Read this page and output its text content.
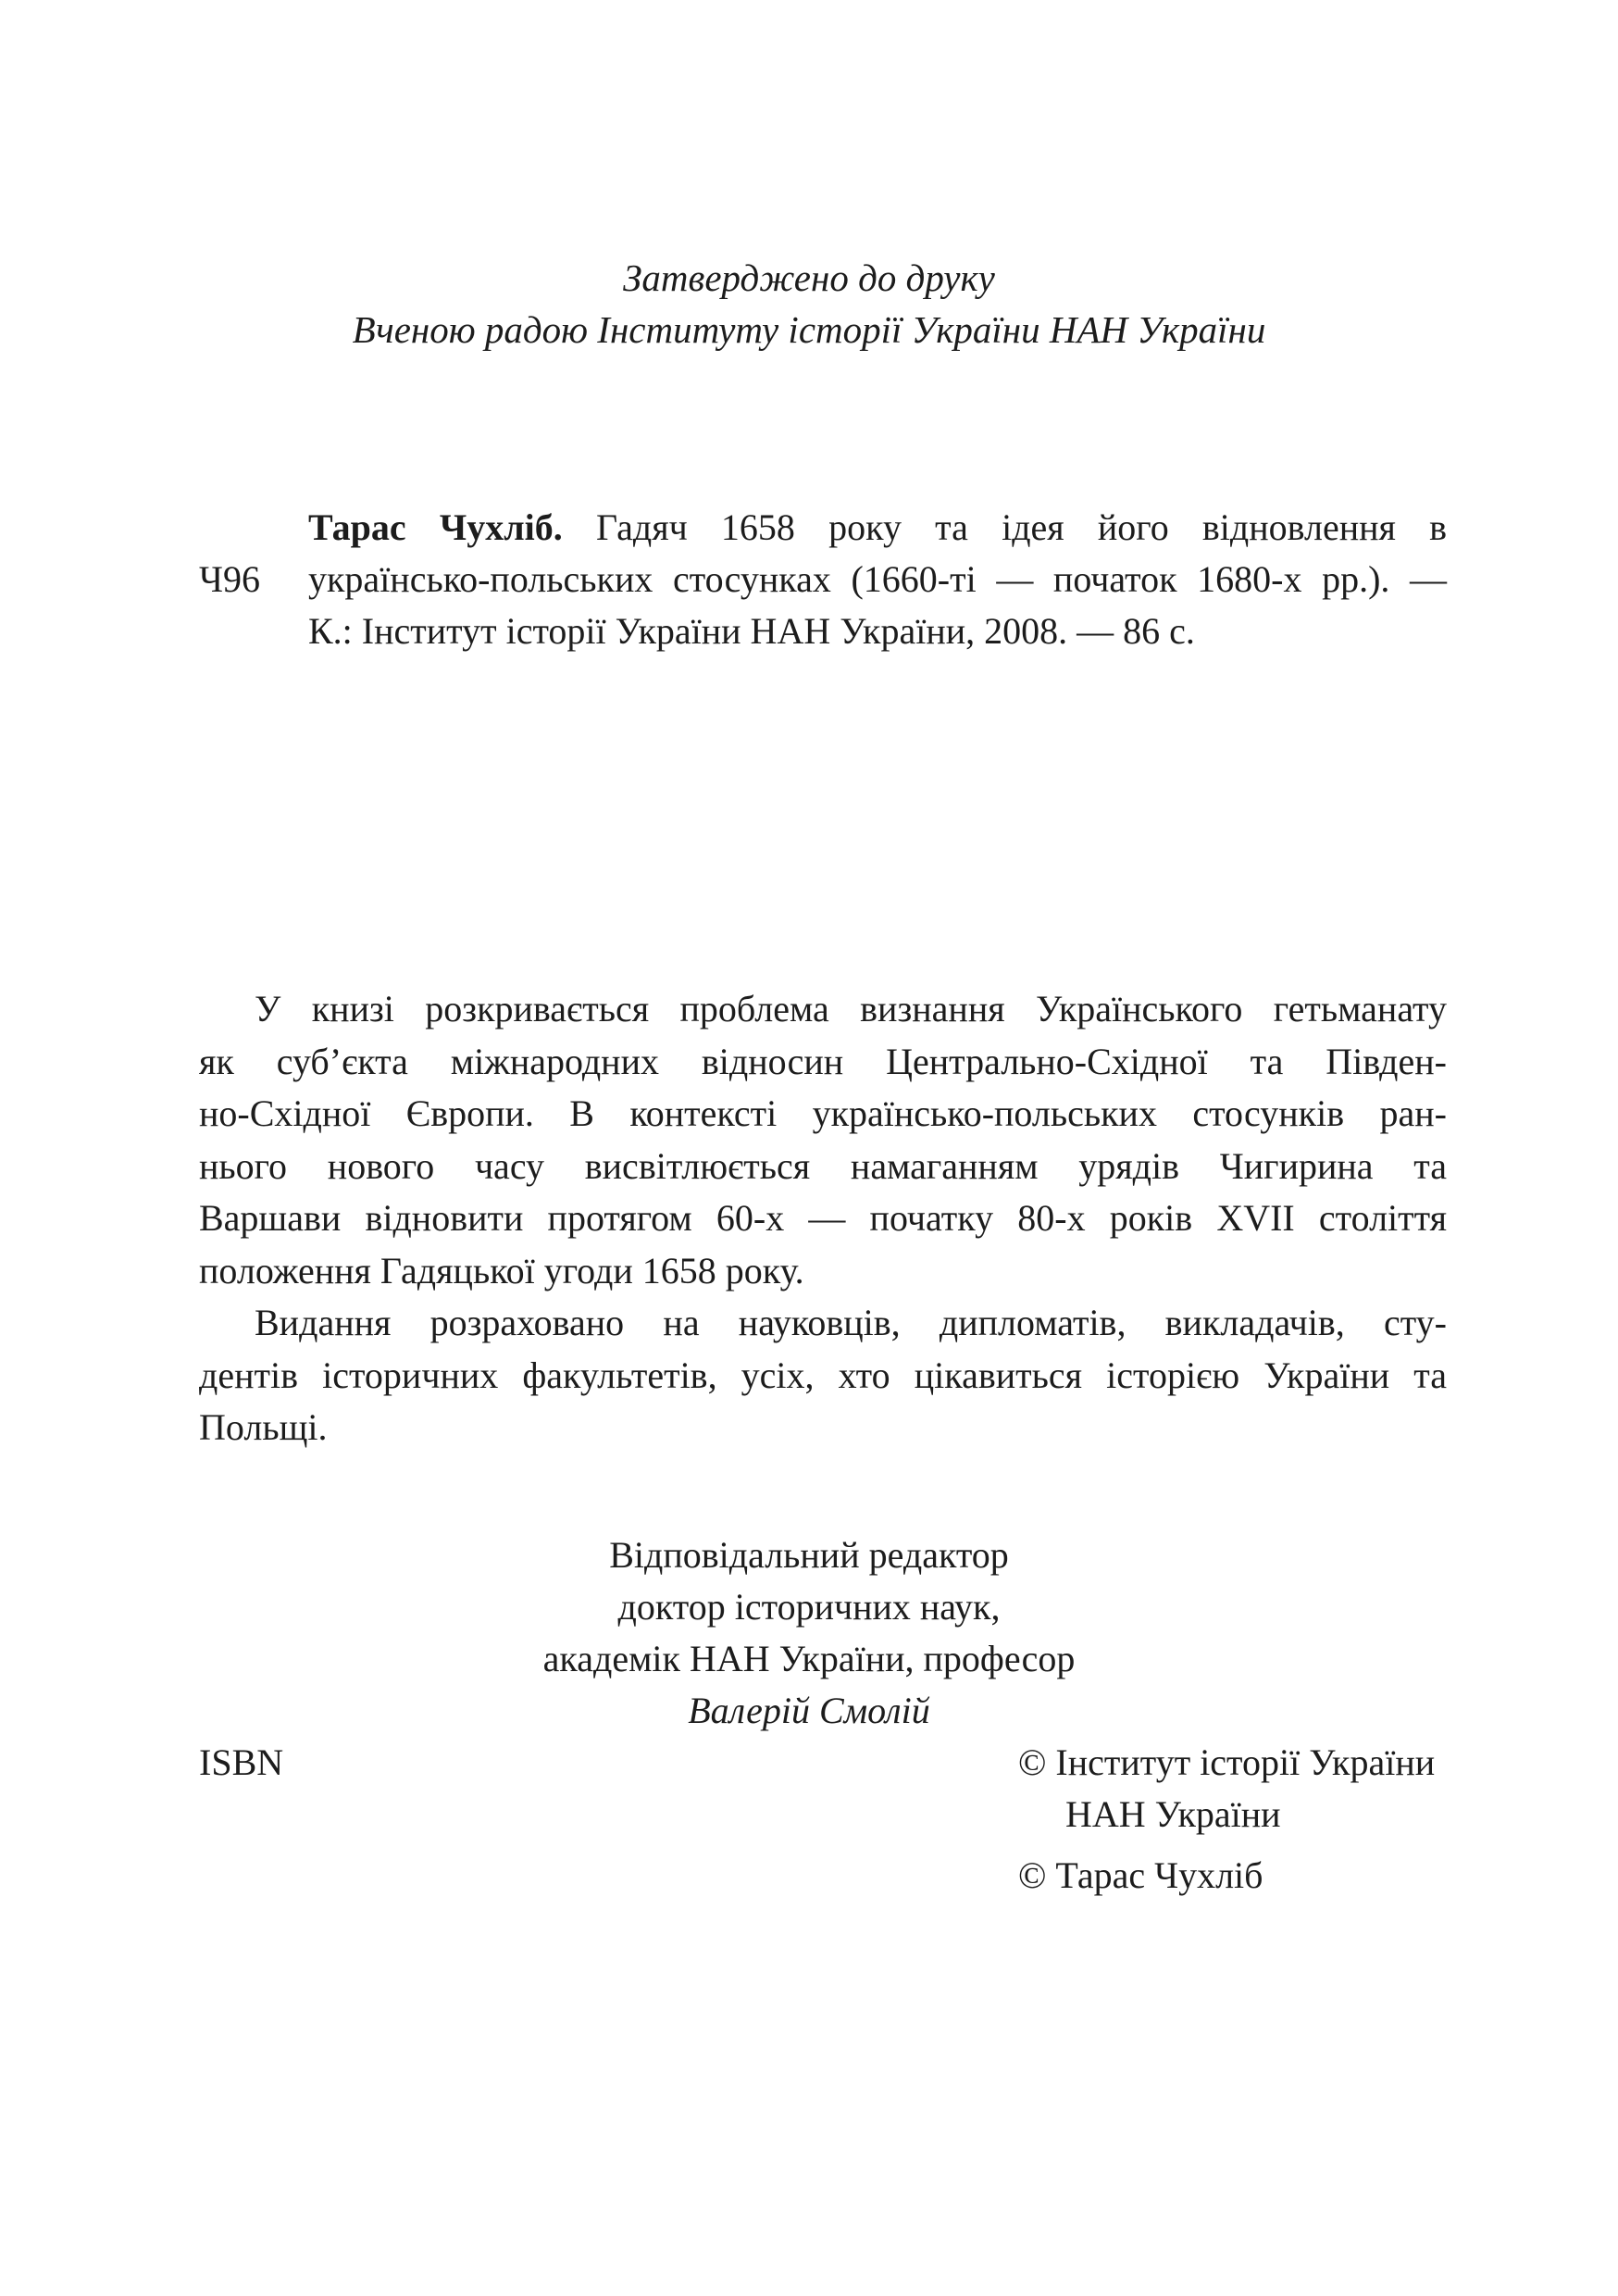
Затверджено до друку
Вченою радою Інституту історії України НАН України
Ч96
Тарас Чухліб. Гадяч 1658 року та ідея його відновлення в
українсько-польських стосунках (1660-ті — початок 1680-х рр.). —
К.: Інститут історії України НАН України, 2008. — 86 с.
У книзі розкривається проблема визнання Українського гетьманату
як суб’єкта міжнародних відносин Центрально-Східної та Півден-
но-Східної Європи. В контексті українсько-польських стосунків ран-
нього нового часу висвітлюється намаганням урядів Чигирина та
Варшави відновити протягом 60-х — початку 80-х років XVII століття
положення Гадяцької угоди 1658 року.
Видання розраховано на науковців, дипломатів, викладачів, сту-
дентів історичних факультетів, усіх, хто цікавиться історією України та
Польщі.
Відповідальний редактор
доктор історичних наук,
академік НАН України, професор
Валерій Смолій
ISBN	© Інститут історії України
НАН України
© Тарас Чухліб
